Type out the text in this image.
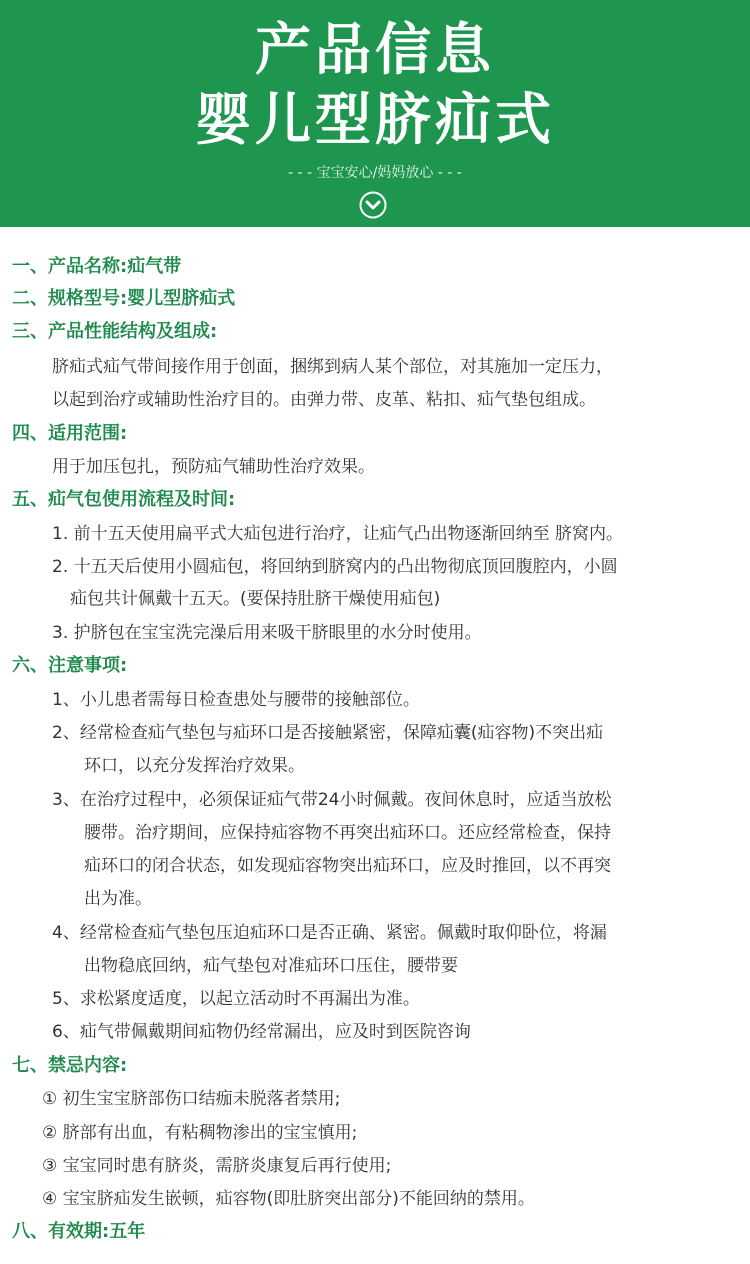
产品信息
婴儿型脐疝式
- - - 宝宝安心/妈妈放心 - - -
一、产品名称:疝气带
二、规格型号:婴儿型脐疝式
三、产品性能结构及组成:
脐疝式疝气带间接作用于创面，捆绑到病人某个部位，对其施加一定压力，
以起到治疗或辅助性治疗目的。由弹力带、皮革、粘扣、疝气垫包组成。
四、适用范围:
用于加压包扎，预防疝气辅助性治疗效果。
五、疝气包使用流程及时间:
1. 前十五天使用扁平式大疝包进行治疗，让疝气凸出物逐渐回纳至 脐窝内。
2. 十五天后使用小圆疝包，将回纳到脐窝内的凸出物彻底顶回腹腔内，小圆
疝包共计佩戴十五天。(要保持肚脐干燥使用疝包)
3. 护脐包在宝宝洗完澡后用来吸干脐眼里的水分时使用。
六、注意事项:
1、小儿患者需每日检查患处与腰带的接触部位。
2、经常检查疝气垫包与疝环口是否接触紧密，保障疝囊(疝容物)不突出疝
环口，以充分发挥治疗效果。
3、在治疗过程中，必须保证疝气带24小时佩戴。夜间休息时，应适当放松
腰带。治疗期间，应保持疝容物不再突出疝环口。还应经常检查，保持
疝环口的闭合状态，如发现疝容物突出疝环口，应及时推回，以不再突
出为准。
4、经常检查疝气垫包压迫疝环口是否正确、紧密。佩戴时取仰卧位，将漏
出物稳底回纳，疝气垫包对准疝环口压住，腰带要
5、求松紧度适度，以起立活动时不再漏出为准。
6、疝气带佩戴期间疝物仍经常漏出，应及时到医院咨询
七、禁忌内容:
① 初生宝宝脐部伤口结痂未脱落者禁用;
② 脐部有出血，有粘稠物渗出的宝宝慎用;
③ 宝宝同时患有脐炎，需脐炎康复后再行使用;
④ 宝宝脐疝发生嵌顿，疝容物(即肚脐突出部分)不能回纳的禁用。
八、有效期:五年
